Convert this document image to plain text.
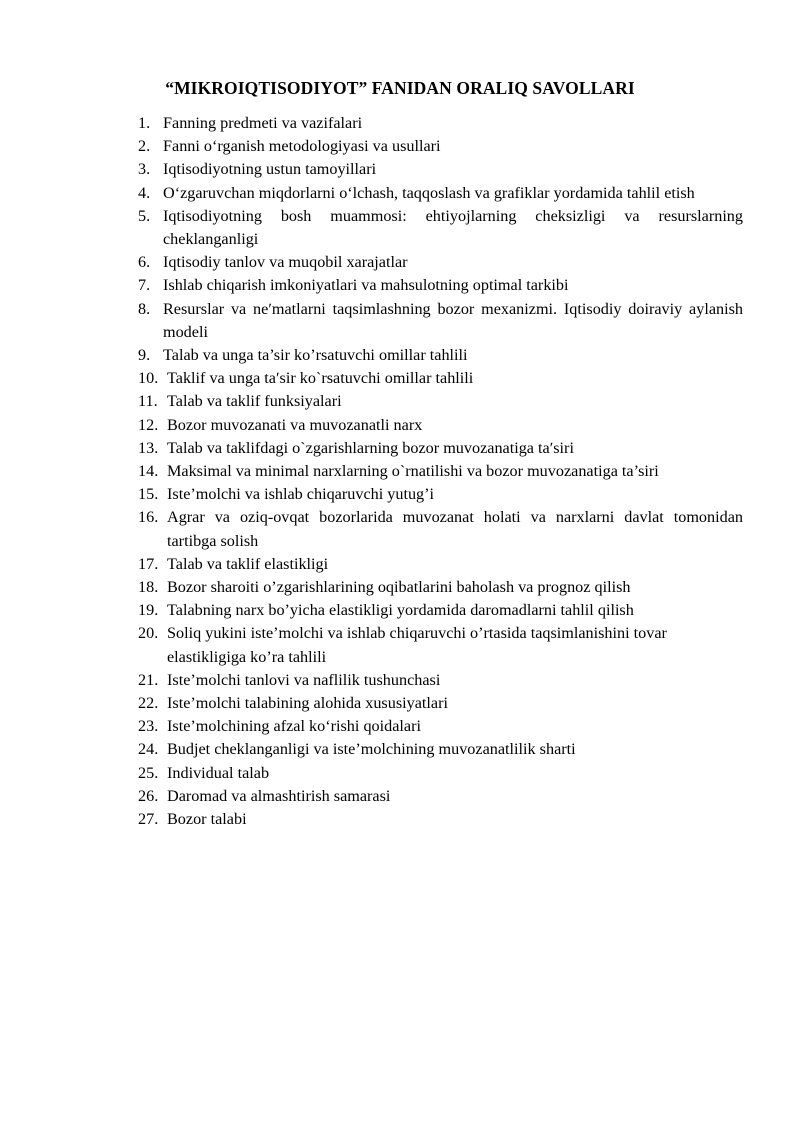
“MIKROIQTISODIYOT” FANIDAN ORALIQ SAVOLLARI
1. Fanning predmeti va vazifalari
2. Fanni o‘rganish metodologiyasi va usullari
3. Iqtisodiyotning ustun tamoyillari
4. O‘zgaruvchan miqdorlarni o‘lchash, taqqoslash va grafiklar yordamida tahlil etish
5. Iqtisodiyotning bosh muammosi: ehtiyojlarning cheksizligi va resurslarning cheklanganligi
6. Iqtisodiy tanlov va muqobil xarajatlar
7. Ishlab chiqarish imkoniyatlari va mahsulotning optimal tarkibi
8. Resurslar va neʹmatlarni taqsimlashning bozor mexanizmi. Iqtisodiy doiraviy aylanish modeli
9. Talab va unga ta’sir ko’rsatuvchi omillar tahlili
10. Taklif va unga taʹsir ko`rsatuvchi omillar tahlili
11. Talab va taklif funksiyalari
12. Bozor muvozanati va muvozanatli narx
13. Talab va taklifdagi o`zgarishlarning bozor muvozanatiga taʹsiri
14. Maksimal va minimal narxlarning o`rnatilishi va bozor muvozanatiga ta’siri
15. Iste’molchi va ishlab chiqaruvchi yutug’i
16. Agrar va oziq-ovqat bozorlarida muvozanat holati va narxlarni davlat tomonidan tartibga solish
17. Talab va taklif elastikligi
18. Bozor sharoiti o’zgarishlarining oqibatlarini baholash va prognoz qilish
19. Talabning narx bo’yicha elastikligi yordamida daromadlarni tahlil qilish
20. Soliq yukini iste’molchi va ishlab chiqaruvchi o’rtasida taqsimlanishini tovar elastikligiga ko’ra tahlili
21. Iste’molchi tanlovi va naflilik tushunchasi
22. Iste’molchi talabining alohida xususiyatlari
23. Iste’molchining afzal ko‘rishi qoidalari
24. Budjet cheklanganligi va iste’molchining muvozanatlilik sharti
25. Individual talab
26. Daromad va almashtirish samarasi
27. Bozor talabi
